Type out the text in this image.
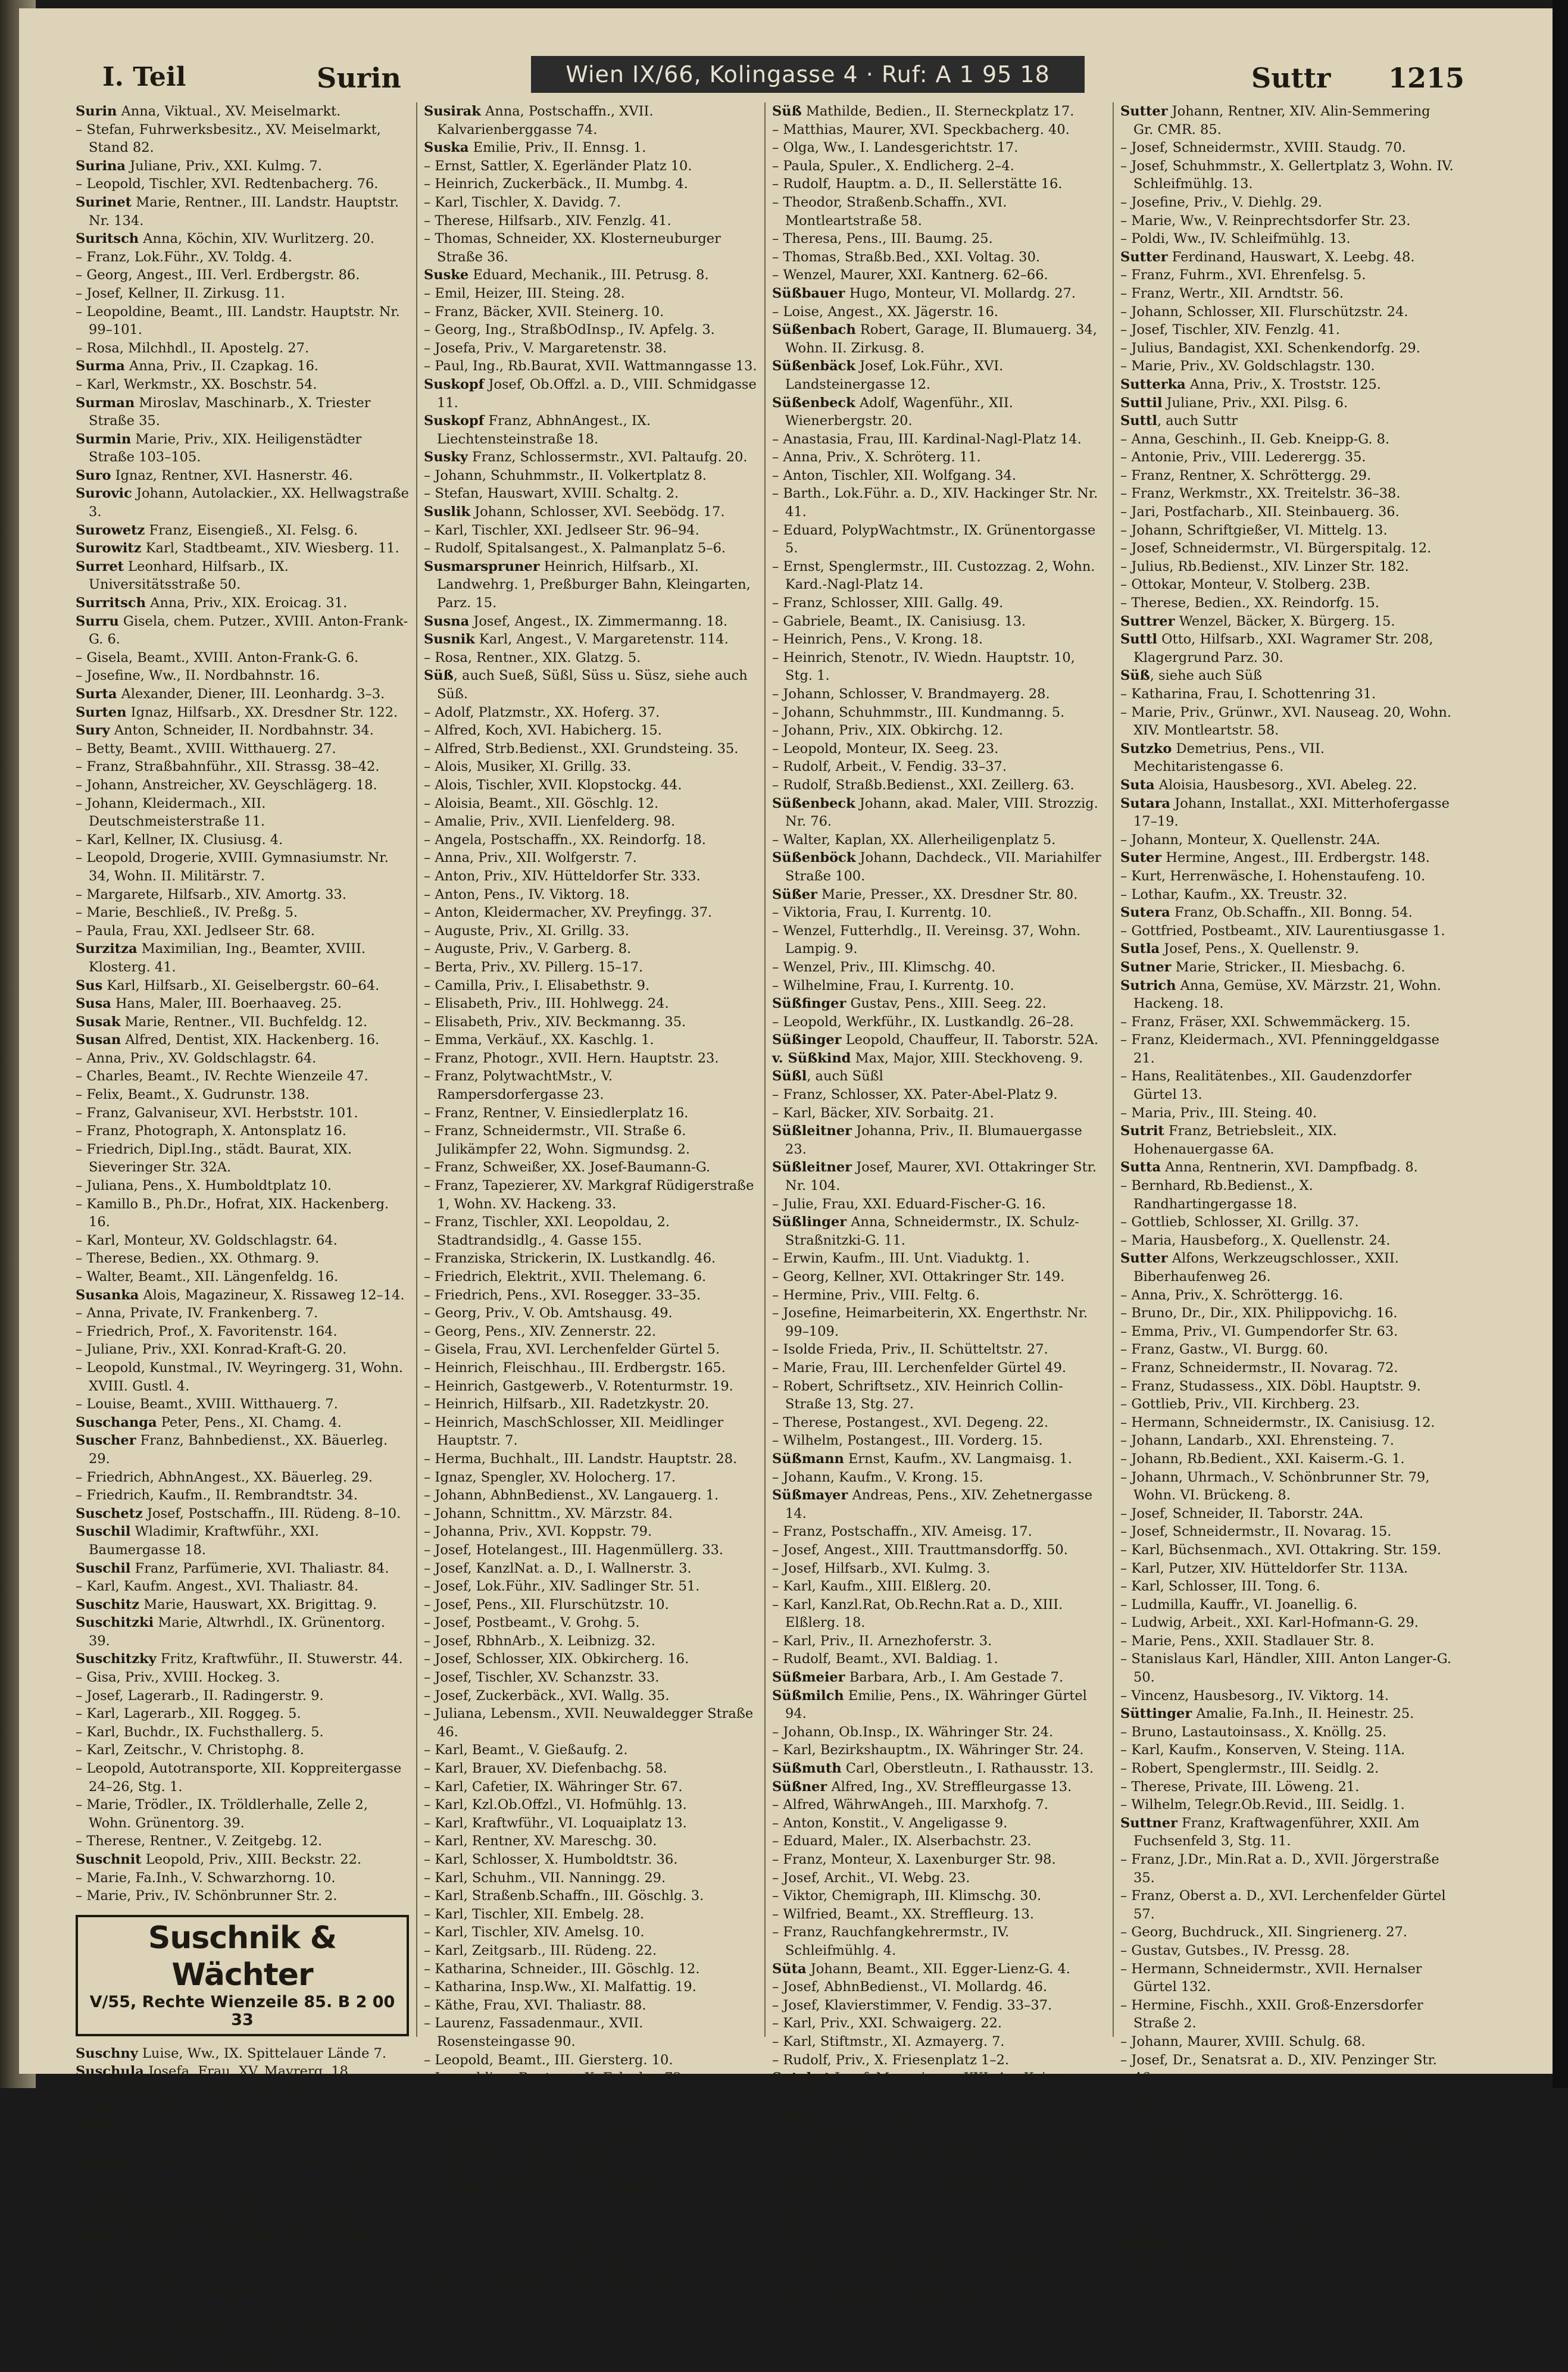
I. Teil	Surin	Wien IX/66, Kolingasse 4 · Ruf: A 1 95 18	Suttr 1215
Surin Anna, Viktual., XV. Meiselmarkt.
– Stefan, Fuhrwerksbesitz., XV. Meiselmarkt, Stand 82.
Surina Juliane, Priv., XXI. Kulmg. 7.
– Leopold, Tischler, XVI. Redtenbacherg. 76.
Surinet Marie, Rentner., III. Landstr. Hauptstr. Nr. 134.
Suritsch Anna, Köchin, XIV. Wurlitzerg. 20.
– Franz, Lok.Führ., XV. Toldg. 4.
– Georg, Angest., III. Verl. Erdbergstr. 86.
– Josef, Kellner, II. Zirkusg. 11.
– Leopoldine, Beamt., III. Landstr. Hauptstr. Nr. 99–101.
– Rosa, Milchhdl., II. Apostelg. 27.
Surma Anna, Priv., II. Czapkag. 16.
– Karl, Werkmstr., XX. Boschstr. 54.
Surman Miroslav, Maschinarb., X. Triester Straße 35.
Surmin Marie, Priv., XIX. Heiligenstädter Straße 103–105.
Suro Ignaz, Rentner, XVI. Hasnerstr. 46.
Surovic Johann, Autolackier., XX. Hellwagstraße 3.
Surowetz Franz, Eisengieß., XI. Felsg. 6.
Surowitz Karl, Stadtbeamt., XIV. Wiesberg. 11.
Surret Leonhard, Hilfsarb., IX. Universitätsstraße 50.
Surritsch Anna, Priv., XIX. Eroicag. 31.
Surru Gisela, chem. Putzer., XVIII. Anton-Frank-G. 6.
– Gisela, Beamt., XVIII. Anton-Frank-G. 6.
– Josefine, Ww., II. Nordbahnstr. 16.
Surta Alexander, Diener, III. Leonhardg. 3–3.
Surten Ignaz, Hilfsarb., XX. Dresdner Str. 122.
Sury Anton, Schneider, II. Nordbahnstr. 34.
– Betty, Beamt., XVIII. Witthauerg. 27.
– Franz, Straßbahnführ., XII. Strassg. 38–42.
– Johann, Anstreicher, XV. Geyschlägerg. 18.
– Johann, Kleidermach., XII. Deutschmeisterstraße 11.
– Karl, Kellner, IX. Clusiusg. 4.
– Leopold, Drogerie, XVIII. Gymnasiumstr. Nr. 34, Wohn. II. Militärstr. 7.
– Margarete, Hilfsarb., XIV. Amortg. 33.
– Marie, Beschließ., IV. Preßg. 5.
– Paula, Frau, XXI. Jedlseer Str. 68.
Surzitza Maximilian, Ing., Beamter, XVIII. Klosterg. 41.
Sus Karl, Hilfsarb., XI. Geiselbergstr. 60–64.
Susa Hans, Maler, III. Boerhaaveg. 25.
Susak Marie, Rentner., VII. Buchfeldg. 12.
Susan Alfred, Dentist, XIX. Hackenberg. 16.
– Anna, Priv., XV. Goldschlagstr. 64.
– Charles, Beamt., IV. Rechte Wienzeile 47.
– Felix, Beamt., X. Gudrunstr. 138.
– Franz, Galvaniseur, XVI. Herbststr. 101.
– Franz, Photograph, X. Antonsplatz 16.
– Friedrich, Dipl.Ing., städt. Baurat, XIX. Sieveringer Str. 32A.
– Juliana, Pens., X. Humboldtplatz 10.
– Kamillo B., Ph.Dr., Hofrat, XIX. Hackenberg. 16.
– Karl, Monteur, XV. Goldschlagstr. 64.
– Therese, Bedien., XX. Othmarg. 9.
– Walter, Beamt., XII. Längenfeldg. 16.
Susanka Alois, Magazineur, X. Rissaweg 12–14.
– Anna, Private, IV. Frankenberg. 7.
– Friedrich, Prof., X. Favoritenstr. 164.
– Juliane, Priv., XXI. Konrad-Kraft-G. 20.
– Leopold, Kunstmal., IV. Weyringerg. 31, Wohn. XVIII. Gustl. 4.
– Louise, Beamt., XVIII. Witthauerg. 7.
Suschanga Peter, Pens., XI. Chamg. 4.
Suscher Franz, Bahnbedienst., XX. Bäuerleg. 29.
– Friedrich, AbhnAngest., XX. Bäuerleg. 29.
– Friedrich, Kaufm., II. Rembrandtstr. 34.
Suschetz Josef, Postschaffn., III. Rüdeng. 8–10.
Suschil Wladimir, Kraftwführ., XXI. Baumergasse 18.
Suschil Franz, Parfümerie, XVI. Thaliastr. 84.
– Karl, Kaufm. Angest., XVI. Thaliastr. 84.
Suschitz Marie, Hauswart, XX. Brigittag. 9.
Suschitzki Marie, Altwrhdl., IX. Grünentorg. 39.
Suschitzky Fritz, Kraftwführ., II. Stuwerstr. 44.
– Gisa, Priv., XVIII. Hockeg. 3.
– Josef, Lagerarb., II. Radingerstr. 9.
– Karl, Lagerarb., XII. Roggeg. 5.
– Karl, Buchdr., IX. Fuchsthallerg. 5.
– Karl, Zeitschr., V. Christophg. 8.
– Leopold, Autotransporte, XII. Koppreitergasse 24–26, Stg. 1.
– Marie, Trödler., IX. Tröldlerhalle, Zelle 2, Wohn. Grünentorg. 39.
– Therese, Rentner., V. Zeitgebg. 12.
Suschnit Leopold, Priv., XIII. Beckstr. 22.
– Marie, Fa.Inh., V. Schwarzhorng. 10.
– Marie, Priv., IV. Schönbrunner Str. 2.
Suschnik & Wächter
V/55, Rechte Wienzeile 85. B 2 00 33
Suschny Luise, Ww., IX. Spittelauer Lände 7.
Suschula Josefa, Frau, XV. Mayrerg. 18.
Susen Rudolf, Straßenb.Führ., XVI. Herbststraße 101, Stg. 1.
Susina Franz, Hilfsarb., XV. Sechshauser Str. 59.
Susinky Grete, Priv., IV. Graf-Starhemberg-G. Nr. 26.
– Natalie, Priv., XV. Zinckg. 8.
Susicky-Braun Marie, Frau, V. Garteng. 22.
Susil Elisabeth, Grünwrhdlg., XVI. Thaliagasse 38.
– Franz, Kürschnermstr., V. Einsiedlerg. 25.
– Henriette, Kürschnergew., VII. Kaiserstr. 21, Wohn. Nr. 24.
Susila Josef, Schneider, XV. Mariahilfer Str. Nr. 180.
– Karl, Tischler, X. Quellenstr. 153.
Susirak Anna, Postschaffn., XVII. Kalvarienberggasse 74.
Suska Emilie, Priv., II. Ennsg. 1.
– Ernst, Sattler, X. Egerländer Platz 10.
– Heinrich, Zuckerbäck., II. Mumbg. 4.
– Karl, Tischler, X. Davidg. 7.
– Therese, Hilfsarb., XIV. Fenzlg. 41.
– Thomas, Schneider, XX. Klosterneuburger Straße 36.
Suske Eduard, Mechanik., III. Petrusg. 8.
– Emil, Heizer, III. Steing. 28.
– Franz, Bäcker, XVII. Steinerg. 10.
– Georg, Ing., StraßbOdInsp., IV. Apfelg. 3.
– Josefa, Priv., V. Margaretenstr. 38.
– Paul, Ing., Rb.Baurat, XVII. Wattmanngasse 13.
Suskopf Josef, Ob.Offzl. a. D., VIII. Schmidgasse 11.
Suskopf Franz, AbhnAngest., IX. Liechtensteinstraße 18.
Susky Franz, Schlossermstr., XVI. Paltaufg. 20.
– Johann, Schuhmmstr., II. Volkertplatz 8.
– Stefan, Hauswart, XVIII. Schaltg. 2.
Suslik Johann, Schlosser, XVI. Seebödg. 17.
– Karl, Tischler, XXI. Jedlseer Str. 96–94.
– Rudolf, Spitalsangest., X. Palmanplatz 5–6.
Susmarspruner Heinrich, Hilfsarb., XI. Landwehrg. 1, Preßburger Bahn, Kleingarten, Parz. 15.
Susna Josef, Angest., IX. Zimmermanng. 18.
Susnik Karl, Angest., V. Margaretenstr. 114.
– Rosa, Rentner., XIX. Glatzg. 5.
Süß, auch Sueß, Süßl, Süss u. Süsz, siehe auch Süß.
– Adolf, Platzmstr., XX. Hoferg. 37.
– Alfred, Koch, XVI. Habicherg. 15.
– Alfred, Strb.Bedienst., XXI. Grundsteing. 35.
– Alois, Musiker, XI. Grillg. 33.
– Alois, Tischler, XVII. Klopstockg. 44.
– Aloisia, Beamt., XII. Göschlg. 12.
– Amalie, Priv., XVII. Lienfelderg. 98.
– Angela, Postschaffn., XX. Reindorfg. 18.
– Anna, Priv., XII. Wolfgerstr. 7.
– Anton, Priv., XIV. Hütteldorfer Str. 333.
– Anton, Pens., IV. Viktorg. 18.
– Anton, Kleidermacher, XV. Preyfingg. 37.
– Auguste, Priv., XI. Grillg. 33.
– Auguste, Priv., V. Garberg. 8.
– Berta, Priv., XV. Pillerg. 15–17.
– Camilla, Priv., I. Elisabethstr. 9.
– Elisabeth, Priv., III. Hohlwegg. 24.
– Elisabeth, Priv., XIV. Beckmanng. 35.
– Emma, Verkäuf., XX. Kaschlg. 1.
– Franz, Photogr., XVII. Hern. Hauptstr. 23.
– Franz, PolytwachtMstr., V. Rampersdorfergasse 23.
– Franz, Rentner, V. Einsiedlerplatz 16.
– Franz, Schneidermstr., VII. Straße 6. Julikämpfer 22, Wohn. Sigmundsg. 2.
– Franz, Schweißer, XX. Josef-Baumann-G.
– Franz, Tapezierer, XV. Markgraf Rüdigerstraße 1, Wohn. XV. Hackeng. 33.
– Franz, Tischler, XXI. Leopoldau, 2. Stadtrandsidlg., 4. Gasse 155.
– Franziska, Strickerin, IX. Lustkandlg. 46.
– Friedrich, Elektrit., XVII. Thelemang. 6.
– Friedrich, Pens., XVI. Rosegger. 33–35.
– Georg, Priv., V. Ob. Amtshausg. 49.
– Georg, Pens., XIV. Zennerstr. 22.
– Gisela, Frau, XVI. Lerchenfelder Gürtel 5.
– Heinrich, Fleischhau., III. Erdbergstr. 165.
– Heinrich, Gastgewerb., V. Rotenturmstr. 19.
– Heinrich, Hilfsarb., XII. Radetzkystr. 20.
– Heinrich, MaschSchlosser, XII. Meidlinger Hauptstr. 7.
– Herma, Buchhalt., III. Landstr. Hauptstr. 28.
– Ignaz, Spengler, XV. Holocherg. 17.
– Johann, AbhnBedienst., XV. Langauerg. 1.
– Johann, Schnittm., XV. Märzstr. 84.
– Johanna, Priv., XVI. Koppstr. 79.
– Josef, Hotelangest., III. Hagenmüllerg. 33.
– Josef, KanzlNat. a. D., I. Wallnerstr. 3.
– Josef, Lok.Führ., XIV. Sadlinger Str. 51.
– Josef, Pens., XII. Flurschützstr. 10.
– Josef, Postbeamt., V. Grohg. 5.
– Josef, RbhnArb., X. Leibnizg. 32.
– Josef, Schlosser, XIX. Obkircherg. 16.
– Josef, Tischler, XV. Schanzstr. 33.
– Josef, Zuckerbäck., XVI. Wallg. 35.
– Juliana, Lebensm., XVII. Neuwaldegger Straße 46.
– Karl, Beamt., V. Gießaufg. 2.
– Karl, Brauer, XV. Diefenbachg. 58.
– Karl, Cafetier, IX. Währinger Str. 67.
– Karl, Kzl.Ob.Offzl., VI. Hofmühlg. 13.
– Karl, Kraftwführ., VI. Loquaiplatz 13.
– Karl, Rentner, XV. Mareschg. 30.
– Karl, Schlosser, X. Humboldtstr. 36.
– Karl, Schuhm., VII. Nanningg. 29.
– Karl, Straßenb.Schaffn., III. Göschlg. 3.
– Karl, Tischler, XII. Embelg. 28.
– Karl, Tischler, XIV. Amelsg. 10.
– Karl, Zeitgsarb., III. Rüdeng. 22.
– Katharina, Schneider., III. Göschlg. 12.
– Katharina, Insp.Ww., XI. Malfattig. 19.
– Käthe, Frau, XVI. Thaliastr. 88.
– Laurenz, Fassadenmaur., XVII. Rosensteingasse 90.
– Leopold, Beamt., III. Giersterg. 10.
– Leopoldine, Rentner., X. Erlachg. 72.
– Leopoldine, Ww., II. Untere Weißgerber Straße 28.
– Leopoldine, Ww., II. Glockeng. 6.
– Leopoldine, Priv., II. Praterstr. 56.
– Louise, Priv., XVIII. Simonsg. 4.
– Ludwig, Tischlermstr., X. Angelig. 75–81.
– Margarethe, Fürsorger., III. Göschlg. 12.
– Maria, Lehrerin, XVII. Zeilerg. 75.
– Maria, Priv., XV. Noeikstr. 11.
– Marie, Pri., IV. Große Neug. 15.
– Marie, Hebamme, V. Einsiedlerplatz 16.
Süß Mathilde, Bedien., II. Sterneckplatz 17.
– Matthias, Maurer, XVI. Speckbacherg. 40.
– Olga, Ww., I. Landesgerichtstr. 17.
– Paula, Spuler., X. Endlicherg. 2–4.
– Rudolf, Hauptm. a. D., II. Sellerstätte 16.
– Theodor, Straßenb.Schaffn., XVI. Montleartstraße 58.
– Theresa, Pens., III. Baumg. 25.
– Thomas, Straßb.Bed., XXI. Voltag. 30.
– Wenzel, Maurer, XXI. Kantnerg. 62–66.
Süßbauer Hugo, Monteur, VI. Mollardg. 27.
– Loise, Angest., XX. Jägerstr. 16.
Süßenbach Robert, Garage, II. Blumauerg. 34, Wohn. II. Zirkusg. 8.
Süßenbäck Josef, Lok.Führ., XVI. Landsteinergasse 12.
Süßenbeck Adolf, Wagenführ., XII. Wienerbergstr. 20.
– Anastasia, Frau, III. Kardinal-Nagl-Platz 14.
– Anna, Priv., X. Schröterg. 11.
– Anton, Tischler, XII. Wolfgang. 34.
– Barth., Lok.Führ. a. D., XIV. Hackinger Str. Nr. 41.
– Eduard, PolypWachtmstr., IX. Grünentorgasse 5.
– Ernst, Spenglermstr., III. Custozzag. 2, Wohn. Kard.-Nagl-Platz 14.
– Franz, Schlosser, XIII. Gallg. 49.
– Gabriele, Beamt., IX. Canisiusg. 13.
– Heinrich, Pens., V. Krong. 18.
– Heinrich, Stenotr., IV. Wiedn. Hauptstr. 10, Stg. 1.
– Johann, Schlosser, V. Brandmayerg. 28.
– Johann, Schuhmmstr., III. Kundmanng. 5.
– Johann, Priv., XIX. Obkirchg. 12.
– Leopold, Monteur, IX. Seeg. 23.
– Rudolf, Arbeit., V. Fendig. 33–37.
– Rudolf, Straßb.Bedienst., XXI. Zeillerg. 63.
Süßenbeck Johann, akad. Maler, VIII. Strozzig. Nr. 76.
– Walter, Kaplan, XX. Allerheiligenplatz 5.
Süßenböck Johann, Dachdeck., VII. Mariahilfer Straße 100.
Süßer Marie, Presser., XX. Dresdner Str. 80.
– Viktoria, Frau, I. Kurrentg. 10.
– Wenzel, Futterhdlg., II. Vereinsg. 37, Wohn. Lampig. 9.
– Wenzel, Priv., III. Klimschg. 40.
– Wilhelmine, Frau, I. Kurrentg. 10.
Süßfinger Gustav, Pens., XIII. Seeg. 22.
– Leopold, Werkführ., IX. Lustkandlg. 26–28.
Süßinger Leopold, Chauffeur, II. Taborstr. 52A.
v. Süßkind Max, Major, XIII. Steckhoveng. 9.
Süßl, auch Süßl
– Franz, Schlosser, XX. Pater-Abel-Platz 9.
– Karl, Bäcker, XIV. Sorbaitg. 21.
Süßleitner Johanna, Priv., II. Blumauergasse 23.
Süßleitner Josef, Maurer, XVI. Ottakringer Str. Nr. 104.
– Julie, Frau, XXI. Eduard-Fischer-G. 16.
Süßlinger Anna, Schneidermstr., IX. Schulz-Straßnitzki-G. 11.
– Erwin, Kaufm., III. Unt. Viaduktg. 1.
– Georg, Kellner, XVI. Ottakringer Str. 149.
– Hermine, Priv., VIII. Feltg. 6.
– Josefine, Heimarbeiterin, XX. Engerthstr. Nr. 99–109.
– Isolde Frieda, Priv., II. Schütteltstr. 27.
– Marie, Frau, III. Lerchenfelder Gürtel 49.
– Robert, Schriftsetz., XIV. Heinrich Collin-Straße 13, Stg. 27.
– Therese, Postangest., XVI. Degeng. 22.
– Wilhelm, Postangest., III. Vorderg. 15.
Süßmann Ernst, Kaufm., XV. Langmaisg. 1.
– Johann, Kaufm., V. Krong. 15.
Süßmayer Andreas, Pens., XIV. Zehetnergasse 14.
– Franz, Postschaffn., XIV. Ameisg. 17.
– Josef, Angest., XIII. Trauttmansdorffg. 50.
– Josef, Hilfsarb., XVI. Kulmg. 3.
– Karl, Kaufm., XIII. Elßlerg. 20.
– Karl, Kanzl.Rat, Ob.Rechn.Rat a. D., XIII. Elßlerg. 18.
– Karl, Priv., II. Arnezhoferstr. 3.
– Rudolf, Beamt., XVI. Baldiag. 1.
Süßmeier Barbara, Arb., I. Am Gestade 7.
Süßmilch Emilie, Pens., IX. Währinger Gürtel 94.
– Johann, Ob.Insp., IX. Währinger Str. 24.
– Karl, Bezirkshauptm., IX. Währinger Str. 24.
Süßmuth Carl, Oberstleutn., I. Rathausstr. 13.
Süßner Alfred, Ing., XV. Streffleurgasse 13.
– Alfred, WährwAngeh., III. Marxhofg. 7.
– Anton, Konstit., V. Angeligasse 9.
– Eduard, Maler., IX. Alserbachstr. 23.
– Franz, Monteur, X. Laxenburger Str. 98.
– Josef, Archit., VI. Webg. 23.
– Viktor, Chemigraph, III. Klimschg. 30.
– Wilfried, Beamt., XX. Streffleurg. 13.
– Franz, Rauchfangkehrermstr., IV. Schleifmühlg. 4.
Süta Johann, Beamt., XII. Egger-Lienz-G. 4.
– Josef, AbhnBedienst., VI. Mollardg. 46.
– Josef, Klavierstimmer, V. Fendig. 33–37.
– Karl, Priv., XXI. Schwaigerg. 22.
– Karl, Stiftmstr., XI. Azmayerg. 7.
– Rudolf, Priv., X. Friesenplatz 1–2.
Sutaket Josef, Magazineur, XXI. Am Kaisermühlendamm 45.
Sutal Anton, Viktualienhdlr., XV. Winckelmannstr. 4.
– Leopold, Kontroll., XX. Donaueschingenstraße 16.
– Josef, AbhnAngest., XX. Pöchlarnstr. 3.
– Josef, Rentner, XX. Nortarag. 1.
Sutel Alois, Kohlen, V. Reinprechtsdorfer Straße 23, Wohn. Nr. 27.
– Franz, Schuhobenverlag., XVIII. Wallriesstr. 125.
– Elise, Rentner., XI. Dorfg. 63.
Sutter Johann, Rentner, XIV. Alin-Semmering Gr. CMR. 85.
– Josef, Schneidermstr., XVIII. Staudg. 70.
– Josef, Schuhmmstr., X. Gellertplatz 3, Wohn. IV. Schleifmühlg. 13.
– Josefine, Priv., V. Diehlg. 29.
– Marie, Ww., V. Reinprechtsdorfer Str. 23.
– Poldi, Ww., IV. Schleifmühlg. 13.
Sutter Ferdinand, Hauswart, X. Leebg. 48.
– Franz, Fuhrm., XVI. Ehrenfelsg. 5.
– Franz, Wertr., XII. Arndtstr. 56.
– Johann, Schlosser, XII. Flurschützstr. 24.
– Josef, Tischler, XIV. Fenzlg. 41.
– Julius, Bandagist, XXI. Schenkendorfg. 29.
– Marie, Priv., XV. Goldschlagstr. 130.
Sutterka Anna, Priv., X. Troststr. 125.
Suttil Juliane, Priv., XXI. Pilsg. 6.
Suttl, auch Suttr
– Anna, Geschinh., II. Geb. Kneipp-G. 8.
– Antonie, Priv., VIII. Lederergg. 35.
– Franz, Rentner, X. Schröttergg. 29.
– Franz, Werkmstr., XX. Treitelstr. 36–38.
– Jari, Postfacharb., XII. Steinbauerg. 36.
– Johann, Schriftgießer, VI. Mittelg. 13.
– Josef, Schneidermstr., VI. Bürgerspitalg. 12.
– Julius, Rb.Bedienst., XIV. Linzer Str. 182.
– Ottokar, Monteur, V. Stolberg. 23B.
– Therese, Bedien., XX. Reindorfg. 15.
Suttrer Wenzel, Bäcker, X. Bürgerg. 15.
Suttl Otto, Hilfsarb., XXI. Wagramer Str. 208, Klagergrund Parz. 30.
Süß, siehe auch Süß
– Katharina, Frau, I. Schottenring 31.
– Marie, Priv., Grünwr., XVI. Nauseag. 20, Wohn. XIV. Montleartstr. 58.
Sutzko Demetrius, Pens., VII. Mechitaristengasse 6.
Suta Aloisia, Hausbesorg., XVI. Abeleg. 22.
Sutara Johann, Installat., XXI. Mitterhofergasse 17–19.
– Johann, Monteur, X. Quellenstr. 24A.
Suter Hermine, Angest., III. Erdbergstr. 148.
– Kurt, Herrenwäsche, I. Hohenstaufeng. 10.
– Lothar, Kaufm., XX. Treustr. 32.
Sutera Franz, Ob.Schaffn., XII. Bonng. 54.
– Gottfried, Postbeamt., XIV. Laurentiusgasse 1.
Sutla Josef, Pens., X. Quellenstr. 9.
Sutner Marie, Stricker., II. Miesbachg. 6.
Sutrich Anna, Gemüse, XV. Märzstr. 21, Wohn. Hackeng. 18.
– Franz, Fräser, XXI. Schwemmäckerg. 15.
– Franz, Kleidermach., XVI. Pfenninggeldgasse 21.
– Hans, Realitätenbes., XII. Gaudenzdorfer Gürtel 13.
– Maria, Priv., III. Steing. 40.
Sutrit Franz, Betriebsleit., XIX. Hohenauergasse 6A.
Sutta Anna, Rentnerin, XVI. Dampfbadg. 8.
– Bernhard, Rb.Bedienst., X. Randhartingergasse 18.
– Gottlieb, Schlosser, XI. Grillg. 37.
– Maria, Hausbeforg., X. Quellenstr. 24.
Sutter Alfons, Werkzeugschlosser., XXII. Biberhaufenweg 26.
– Anna, Priv., X. Schröttergg. 16.
– Bruno, Dr., Dir., XIX. Philippovichg. 16.
– Emma, Priv., VI. Gumpendorfer Str. 63.
– Franz, Gastw., VI. Burgg. 60.
– Franz, Schneidermstr., II. Novarag. 72.
– Franz, Studassess., XIX. Döbl. Hauptstr. 9.
– Gottlieb, Priv., VII. Kirchberg. 23.
– Hermann, Schneidermstr., IX. Canisiusg. 12.
– Johann, Landarb., XXI. Ehrensteing. 7.
– Johann, Rb.Bedient., XXI. Kaiserm.-G. 1.
– Johann, Uhrmach., V. Schönbrunner Str. 79, Wohn. VI. Brückeng. 8.
– Josef, Schneider, II. Taborstr. 24A.
– Josef, Schneidermstr., II. Novarag. 15.
– Karl, Büchsenmach., XVI. Ottakring. Str. 159.
– Karl, Putzer, XIV. Hütteldorfer Str. 113A.
– Karl, Schlosser, III. Tong. 6.
– Ludmilla, Kauffr., VI. Joanellig. 6.
– Ludwig, Arbeit., XXI. Karl-Hofmann-G. 29.
– Marie, Pens., XXII. Stadlauer Str. 8.
– Stanislaus Karl, Händler, XIII. Anton Langer-G. 50.
– Vincenz, Hausbesorg., IV. Viktorg. 14.
Süttinger Amalie, Fa.Inh., II. Heinestr. 25.
– Bruno, Lastautoinsass., X. Knöllg. 25.
– Karl, Kaufm., Konserven, V. Steing. 11A.
– Robert, Spenglermstr., III. Seidlg. 2.
– Therese, Private, III. Löweng. 21.
– Wilhelm, Telegr.Ob.Revid., III. Seidlg. 1.
Suttner Franz, Kraftwagenführer, XXII. Am Fuchsenfeld 3, Stg. 11.
– Franz, J.Dr., Min.Rat a. D., XVII. Jörgerstraße 35.
– Franz, Oberst a. D., XVI. Lerchenfelder Gürtel 57.
– Georg, Buchdruck., XII. Singrienerg. 27.
– Gustav, Gutsbes., IV. Pressg. 28.
– Hermann, Schneidermstr., XVII. Hernalser Gürtel 132.
– Hermine, Fischh., XXII. Groß-Enzersdorfer Straße 2.
– Johann, Maurer, XVIII. Schulg. 68.
– Josef, Dr., Senatsrat a. D., XIV. Penzinger Str. 46.
– Katharina, Kaufm., XII. Altmannsdorfer Straße 103.
– Leopold, Vertret., XV. Siebeneichengasse 6.
– Ludwig, Materialverwalt., XIX. Vinzenz-Heß-G. 9.
– Ludwine, Priv., I. Wollzeile 17.
– Marie, Priv., II. Malzg. 5.
– Rudolf, Tapezierer, XII. Tivoli. 19.
Sutter Leopoldine, Hutstaffier., VI. Meravigliagasse 4.
